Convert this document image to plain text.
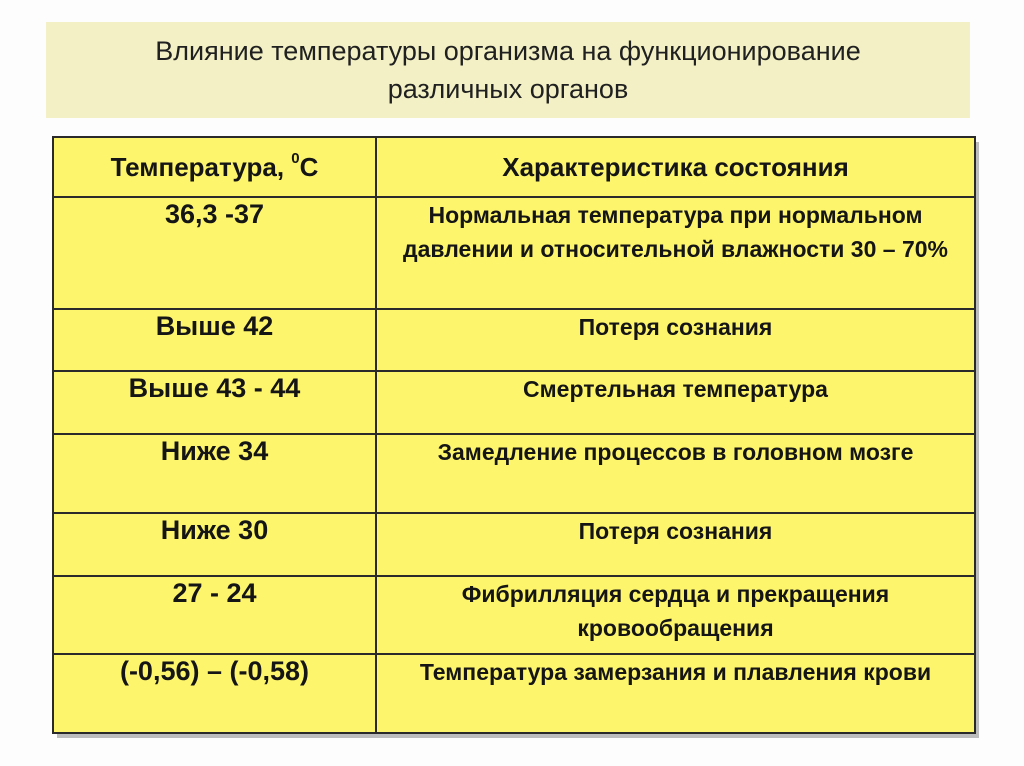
Влияние температуры организма на функционирование
различных органов
Температура, $^0$С	Характеристика состояния
36,3 -37	Нормальная температура при нормальном давлении и относительной влажности 30 – 70%
Выше 42	Потеря сознания
Выше 43 - 44	Смертельная температура
Ниже 34	Замедление процессов в головном мозге
Ниже 30	Потеря сознания
27 - 24	Фибрилляция сердца и прекращения кровообращения
(-0,56) – (-0,58)	Температура замерзания и плавления крови
